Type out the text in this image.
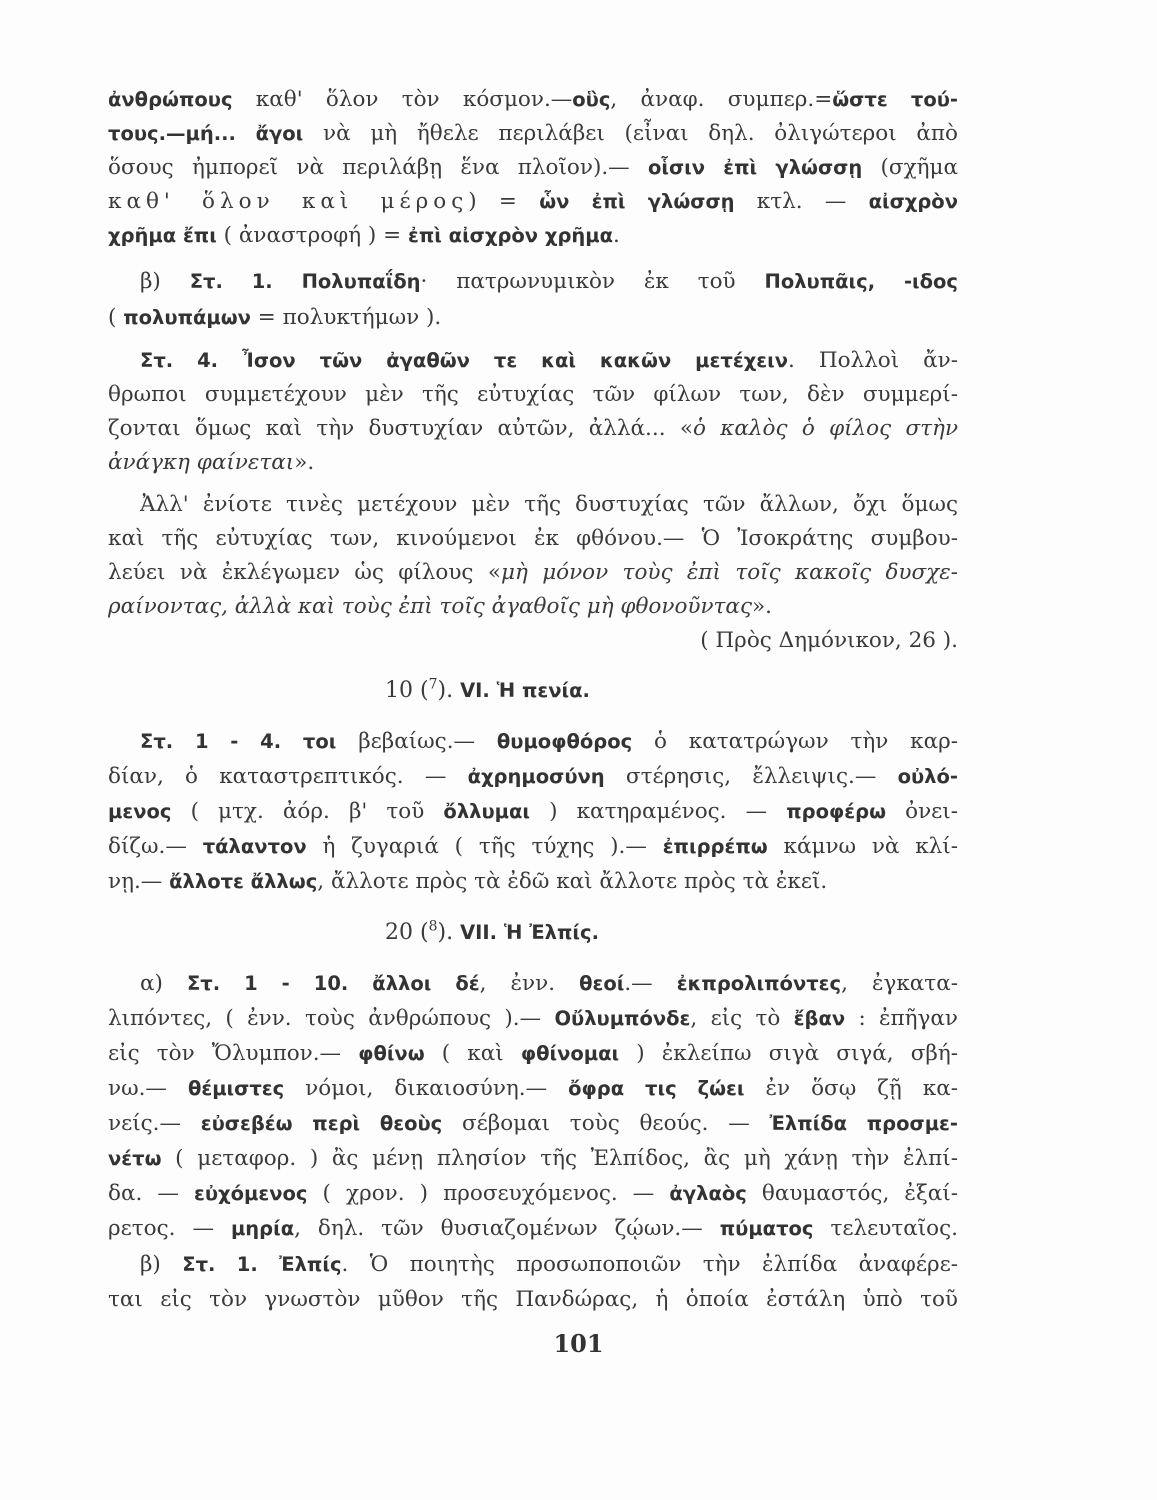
ἀνθρώπους καθ' ὅλον τὸν κόσμον.—οὓς, ἀναφ. συμπερ.=ὥστε τού-
τους.—μή... ἄγοι νὰ μὴ ἤθελε περιλάβει (εἶναι δηλ. ὀλιγώτεροι ἀπὸ
ὅσους ἠμπορεῖ νὰ περιλάβῃ ἕνα πλοῖον).— οἷσιν ἐπὶ γλώσσῃ (σχῆμα
καθ' ὅλον καὶ μέρος) = ὧν ἐπὶ γλώσσῃ κτλ. — αἰσχρὸν
χρῆμα ἔπι ( ἀναστροφή ) = ἐπὶ αἰσχρὸν χρῆμα.
β) Στ. 1. Πολυπαΐδη· πατρωνυμικὸν ἐκ τοῦ Πολυπᾶις, -ιδος
( πολυπάμων = πολυκτήμων ).
Στ. 4. Ἶσον τῶν ἀγαθῶν τε καὶ κακῶν μετέχειν. Πολλοὶ ἄν-
θρωποι συμμετέχουν μὲν τῆς εὐτυχίας τῶν φίλων των, δὲν συμμερί-
ζονται ὅμως καὶ τὴν δυστυχίαν αὐτῶν, ἀλλά... «ὁ καλὸς ὁ φίλος στὴν
ἀνάγκη φαίνεται».
Ἀλλ' ἐνίοτε τινὲς μετέχουν μὲν τῆς δυστυχίας τῶν ἄλλων, ὄχι ὅμως
καὶ τῆς εὐτυχίας των, κινούμενοι ἐκ φθόνου.— Ὁ Ἰσοκράτης συμβου-
λεύει νὰ ἐκλέγωμεν ὡς φίλους «μὴ μόνον τοὺς ἐπὶ τοῖς κακοῖς δυσχε-
ραίνοντας, ἀλλὰ καὶ τοὺς ἐπὶ τοῖς ἀγαθοῖς μὴ φθονοῦντας».
( Πρὸς Δημόνικον, 26 ).
10 ($^7$). VI. Ἡ πενία.
Στ. 1 - 4. τοι βεβαίως.— θυμοφθόρος ὁ κατατρώγων τὴν καρ-
δίαν, ὁ καταστρεπτικός. — ἀχρημοσύνη στέρησις, ἔλλειψις.— οὐλό-
μενος ( μτχ. ἀόρ. β' τοῦ ὄλλυμαι ) κατηραμένος. — προφέρω ὀνει-
δίζω.— τάλαντον ἡ ζυγαριά ( τῆς τύχης ).— ἐπιρρέπω κάμνω νὰ κλί-
νῃ.— ἄλλοτε ἄλλως, ἄλλοτε πρὸς τὰ ἐδῶ καὶ ἄλλοτε πρὸς τὰ ἐκεῖ.
20 ($^8$). VII. Ἡ Ἐλπίς.
α) Στ. 1 - 10. ἄλλοι δέ, ἐνν. θεοί.— ἐκπρολιπόντες, ἐγκατα-
λιπόντες, ( ἐνν. τοὺς ἀνθρώπους ).— Οὔλυμπόνδε, εἰς τὸ ἔβαν : ἐπῆγαν
εἰς τὸν Ὄλυμπον.— φθίνω ( καὶ φθίνομαι ) ἐκλείπω σιγὰ σιγά, σβή-
νω.— θέμιστες νόμοι, δικαιοσύνη.— ὄφρα τις ζώει ἐν ὅσῳ ζῇ κα-
νείς.— εὐσεβέω περὶ θεοὺς σέβομαι τοὺς θεούς. — Ἐλπίδα προσμε-
νέτω ( μεταφορ. ) ἂς μένῃ πλησίον τῆς Ἐλπίδος, ἂς μὴ χάνῃ τὴν ἐλπί-
δα. — εὐχόμενος ( χρον. ) προσευχόμενος. — ἀγλαὸς θαυμαστός, ἐξαί-
ρετος. — μηρία, δηλ. τῶν θυσιαζομένων ζῴων.— πύματος τελευταῖος.
β) Στ. 1. Ἐλπίς. Ὁ ποιητὴς προσωποποιῶν τὴν ἐλπίδα ἀναφέρε-
ται εἰς τὸν γνωστὸν μῦθον τῆς Πανδώρας, ἡ ὁποία ἐστάλη ὑπὸ τοῦ
101
